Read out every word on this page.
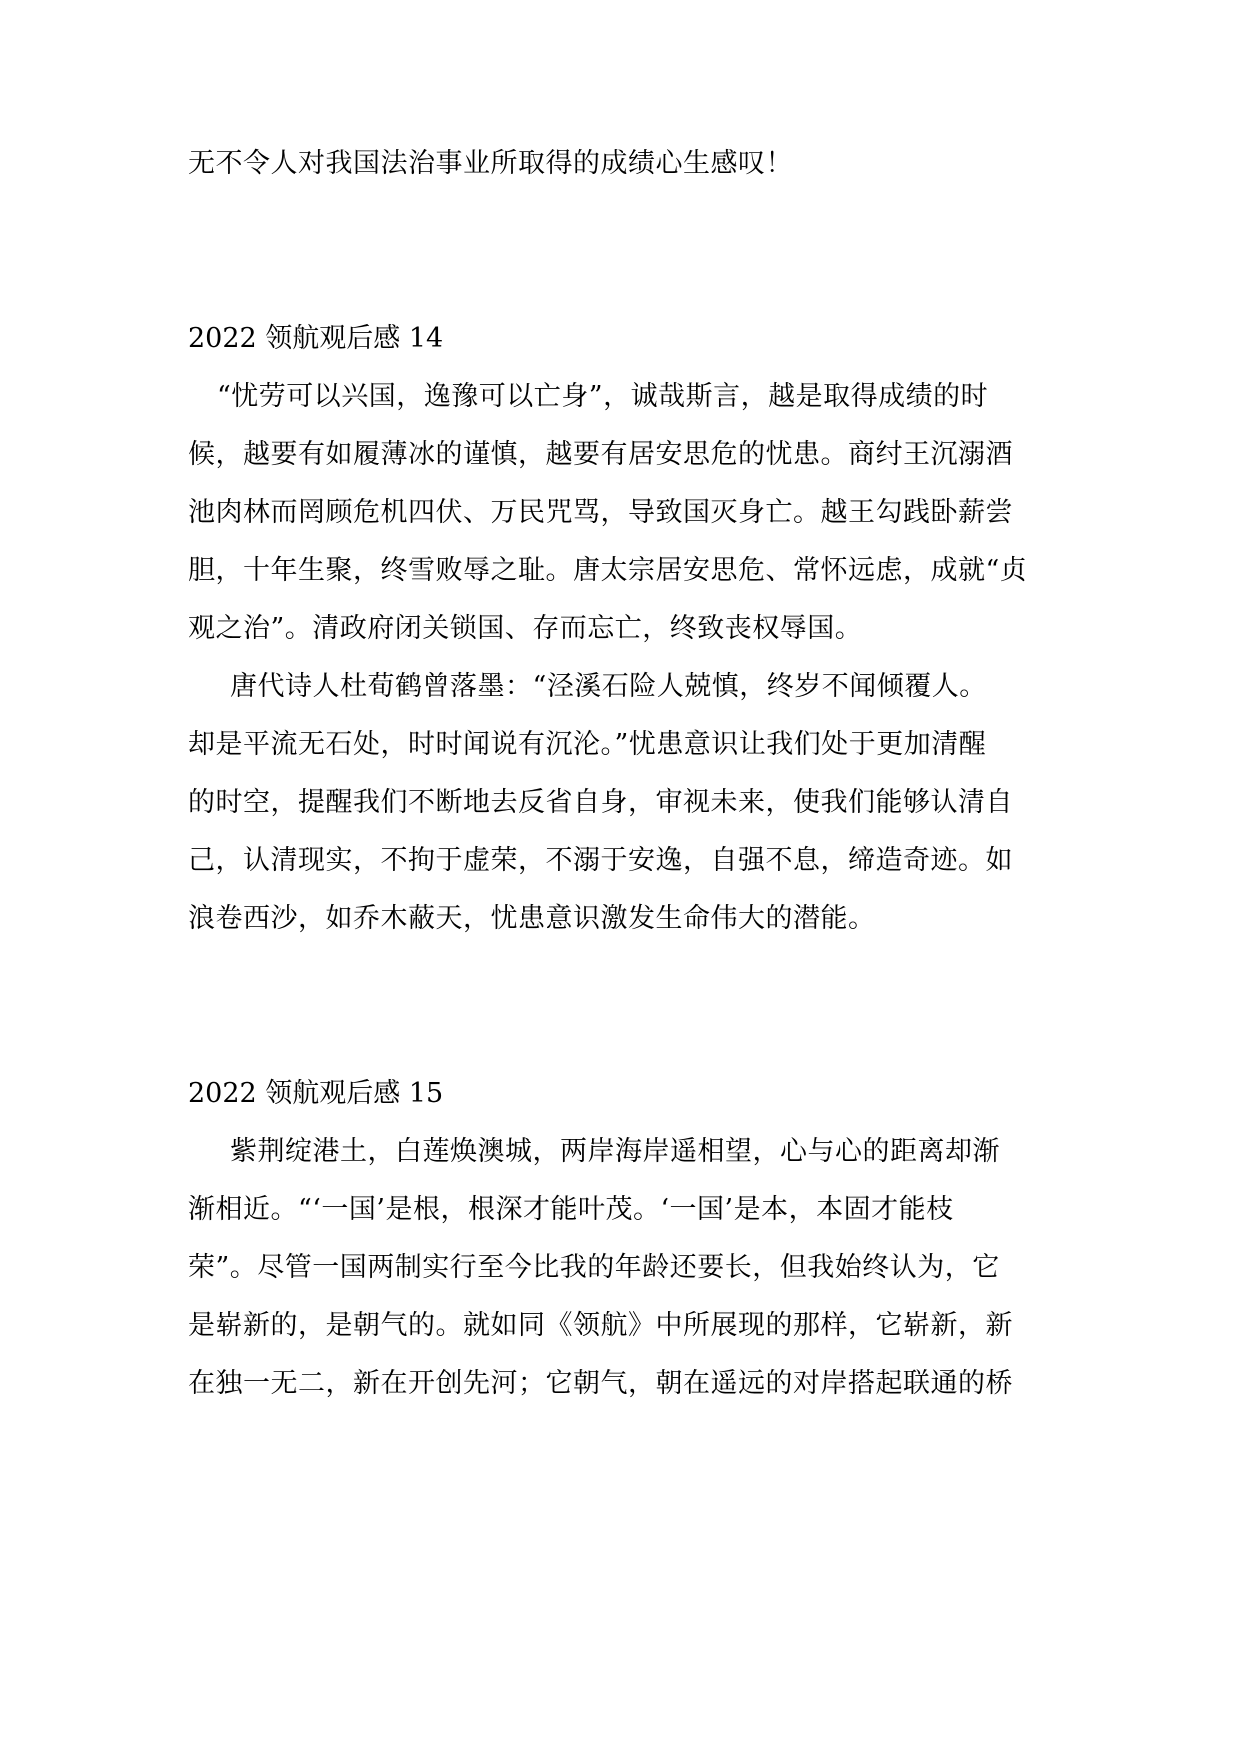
无不令人对我国法治事业所取得的成绩心生感叹！
2022 领航观后感 14
“忧劳可以兴国，逸豫可以亡身”，诚哉斯言，越是取得成绩的时
候，越要有如履薄冰的谨慎，越要有居安思危的忧患。商纣王沉溺酒
池肉林而罔顾危机四伏、万民咒骂，导致国灭身亡。越王勾践卧薪尝
胆，十年生聚，终雪败辱之耻。唐太宗居安思危、常怀远虑，成就“贞
观之治”。清政府闭关锁国、存而忘亡，终致丧权辱国。
唐代诗人杜荀鹤曾落墨：“泾溪石险人兢慎，终岁不闻倾覆人。
却是平流无石处，时时闻说有沉沦。”忧患意识让我们处于更加清醒
的时空，提醒我们不断地去反省自身，审视未来，使我们能够认清自
己，认清现实，不拘于虚荣，不溺于安逸，自强不息，缔造奇迹。如
浪卷西沙，如乔木蔽天，忧患意识激发生命伟大的潜能。
2022 领航观后感 15
紫荆绽港土，白莲焕澳城，两岸海岸遥相望，心与心的距离却渐
渐相近。“‘一国’是根，根深才能叶茂。‘一国’是本，本固才能枝
荣”。尽管一国两制实行至今比我的年龄还要长，但我始终认为，它
是崭新的，是朝气的。就如同《领航》中所展现的那样，它崭新，新
在独一无二，新在开创先河；它朝气，朝在遥远的对岸搭起联通的桥
